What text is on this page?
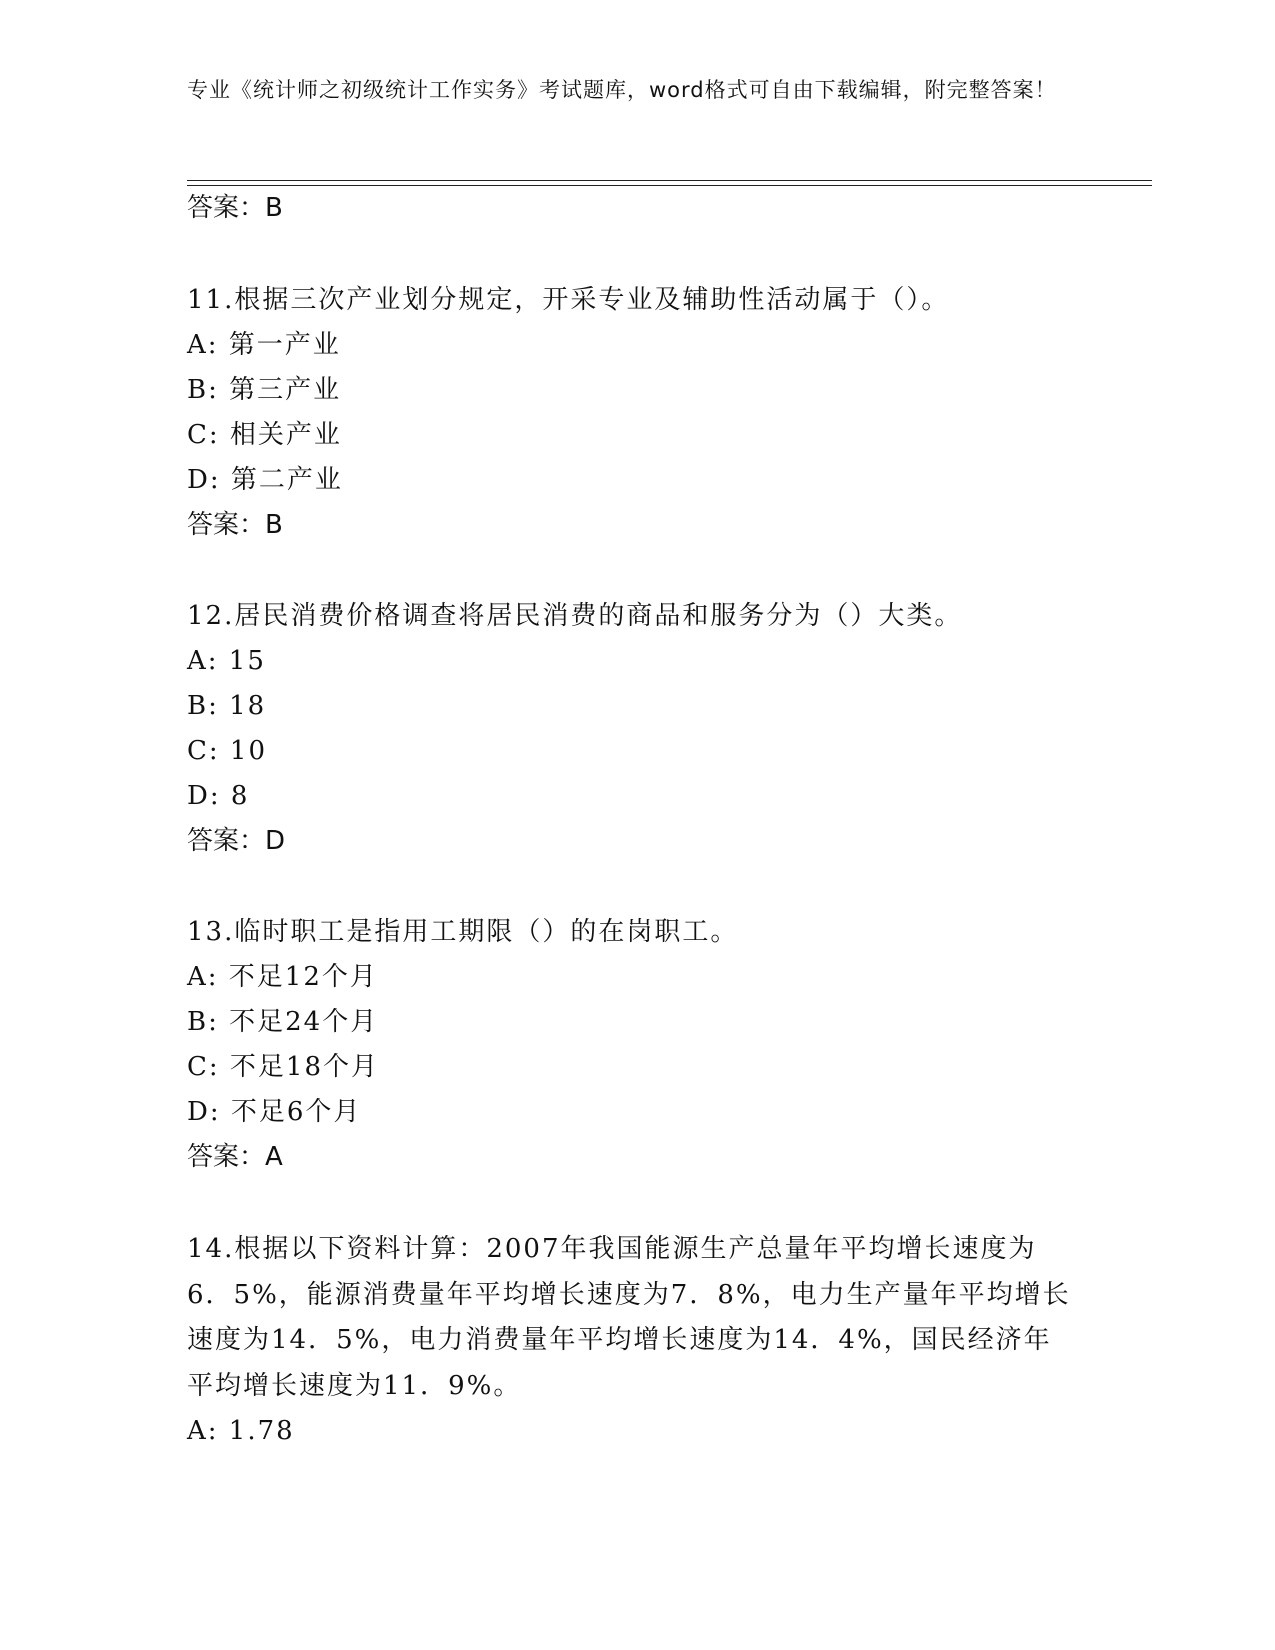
专业《统计师之初级统计工作实务》考试题库，word格式可自由下载编辑，附完整答案！
答案：B
11.根据三次产业划分规定，开采专业及辅助性活动属于（）。
A: 第一产业
B: 第三产业
C: 相关产业
D: 第二产业
答案：B
12.居民消费价格调查将居民消费的商品和服务分为（）大类。
A: 15
B: 18
C: 10
D: 8
答案：D
13.临时职工是指用工期限（）的在岗职工。
A: 不足12个月
B: 不足24个月
C: 不足18个月
D: 不足6个月
答案：A
14.根据以下资料计算：2007年我国能源生产总量年平均增长速度为6．5%，能源消费量年平均增长速度为7．8%，电力生产量年平均增长速度为14．5%，电力消费量年平均增长速度为14．4%，国民经济年平均增长速度为11．9%。
A: 1.78
